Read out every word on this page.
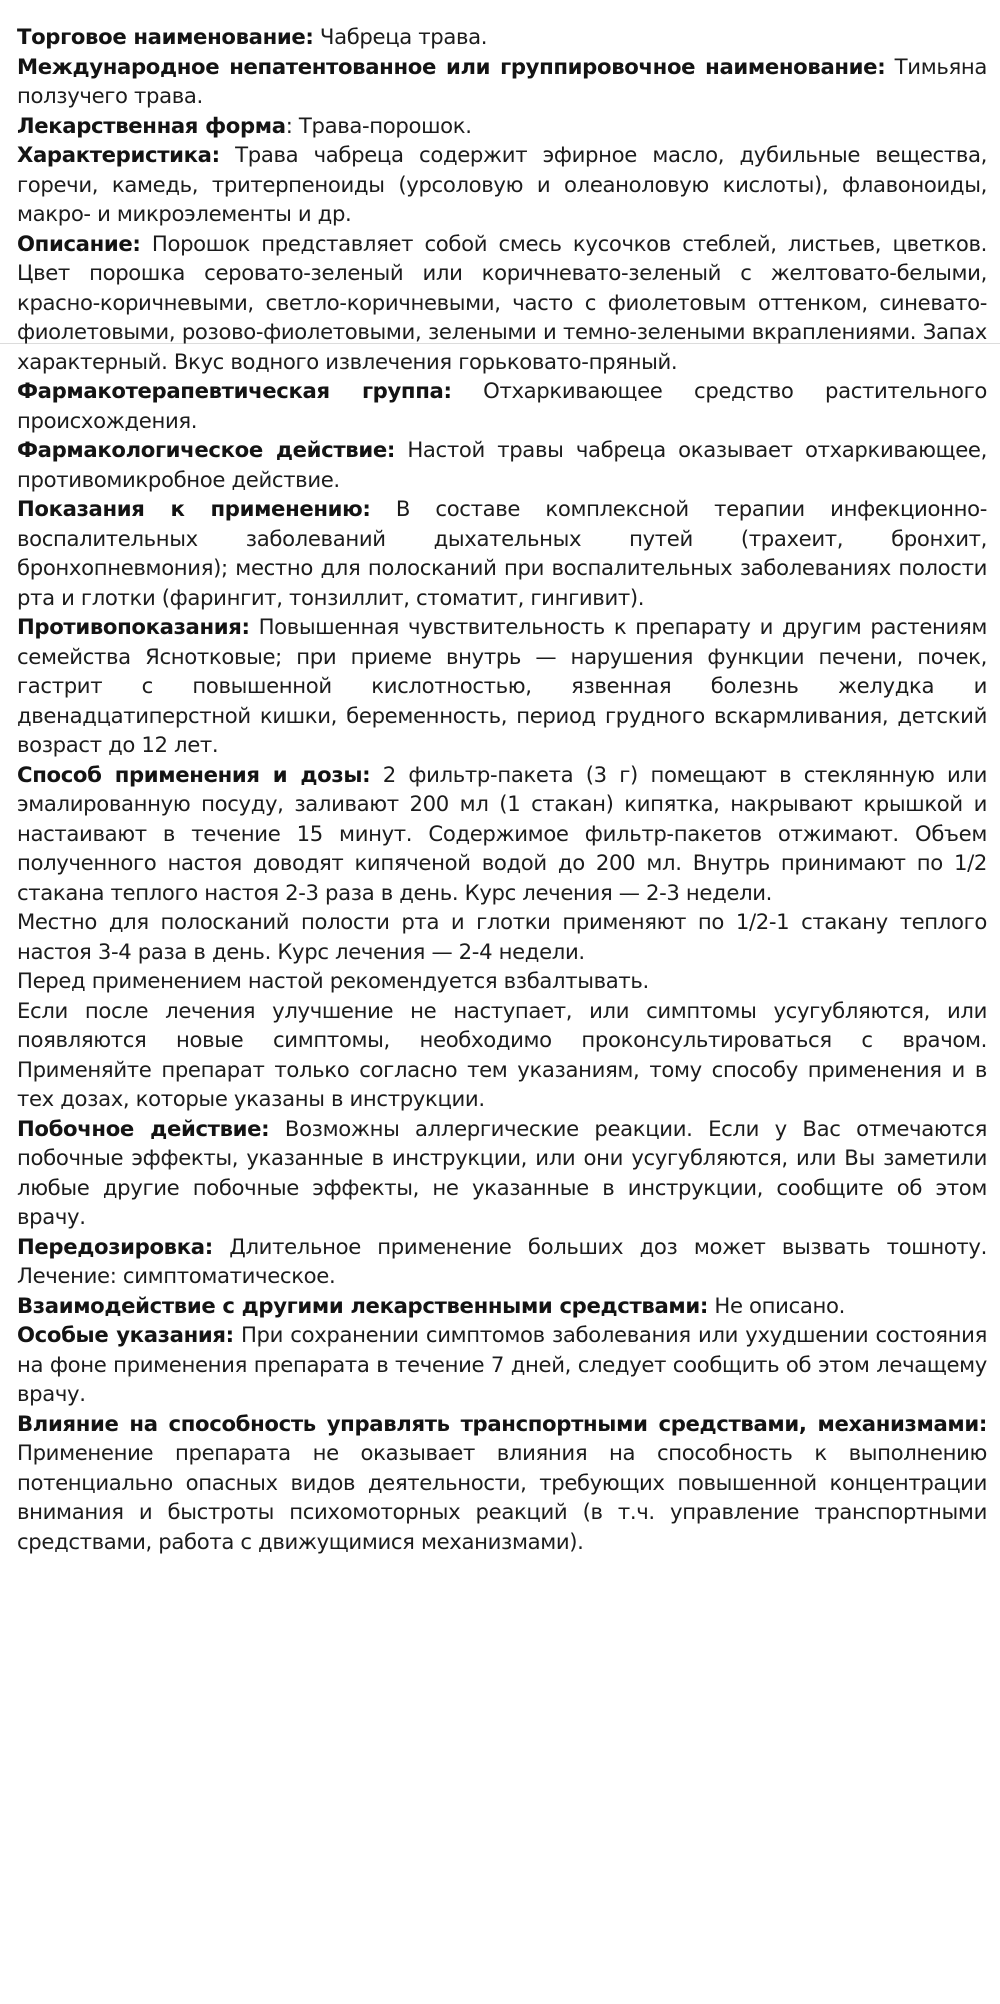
Торговое наименование: Чабреца трава.

Международное непатентованное или группировочное наименование: Тимьяна ползучего трава.

Лекарственная форма: Трава-порошок.

Характеристика: Трава чабреца содержит эфирное масло, дубильные вещества, горечи, камедь, тритерпеноиды (урсоловую и олеаноловую кислоты), флавоноиды, макро- и микроэлементы и др.

Описание: Порошок представляет собой смесь кусочков стеблей, листьев, цветков. Цвет порошка серовато-зеленый или коричневато-зеленый с желтовато-белыми, красно-коричневыми, светло-коричневыми, часто с фиолетовым оттенком, синевато-фиолетовыми, розово-фиолетовыми, зелеными и темно-зелеными вкраплениями. Запах характерный. Вкус водного извлечения горьковато-пряный.

Фармакотерапевтическая группа: Отхаркивающее средство растительного происхождения.

Фармакологическое действие: Настой травы чабреца оказывает отхаркивающее, противомикробное действие.

Показания к применению: В составе комплексной терапии инфекционно-воспалительных заболеваний дыхательных путей (трахеит, бронхит, бронхопневмония); местно для полосканий при воспалительных заболеваниях полости рта и глотки (фарингит, тонзиллит, стоматит, гингивит).

Противопоказания: Повышенная чувствительность к препарату и другим растениям семейства Яснотковые; при приеме внутрь — нарушения функции печени, почек, гастрит с повышенной кислотностью, язвенная болезнь желудка и двенадцатиперстной кишки, беременность, период грудного вскармливания, детский возраст до 12 лет.

Способ применения и дозы: 2 фильтр-пакета (3 г) помещают в стеклянную или эмалированную посуду, заливают 200 мл (1 стакан) кипятка, накрывают крышкой и настаивают в течение 15 минут. Содержимое фильтр-пакетов отжимают. Объем полученного настоя доводят кипяченой водой до 200 мл. Внутрь принимают по 1/2 стакана теплого настоя 2-3 раза в день. Курс лечения — 2-3 недели.

Местно для полосканий полости рта и глотки применяют по 1/2-1 стакану теплого настоя 3-4 раза в день. Курс лечения — 2-4 недели.

Перед применением настой рекомендуется взбалтывать.

Если после лечения улучшение не наступает, или симптомы усугубляются, или появляются новые симптомы, необходимо проконсультироваться с врачом. Применяйте препарат только согласно тем указаниям, тому способу применения и в тех дозах, которые указаны в инструкции.

Побочное действие: Возможны аллергические реакции. Если у Вас отмечаются побочные эффекты, указанные в инструкции, или они усугубляются, или Вы заметили любые другие побочные эффекты, не указанные в инструкции, сообщите об этом врачу.

Передозировка: Длительное применение больших доз может вызвать тошноту. Лечение: симптоматическое.

Взаимодействие с другими лекарственными средствами: Не описано.

Особые указания: При сохранении симптомов заболевания или ухудшении состояния на фоне применения препарата в течение 7 дней, следует сообщить об этом лечащему врачу.

Влияние на способность управлять транспортными средствами, механизмами: Применение препарата не оказывает влияния на способность к выполнению потенциально опасных видов деятельности, требующих повышенной концентрации внимания и быстроты психомоторных реакций (в т.ч. управление транспортными средствами, работа с движущимися механизмами).
